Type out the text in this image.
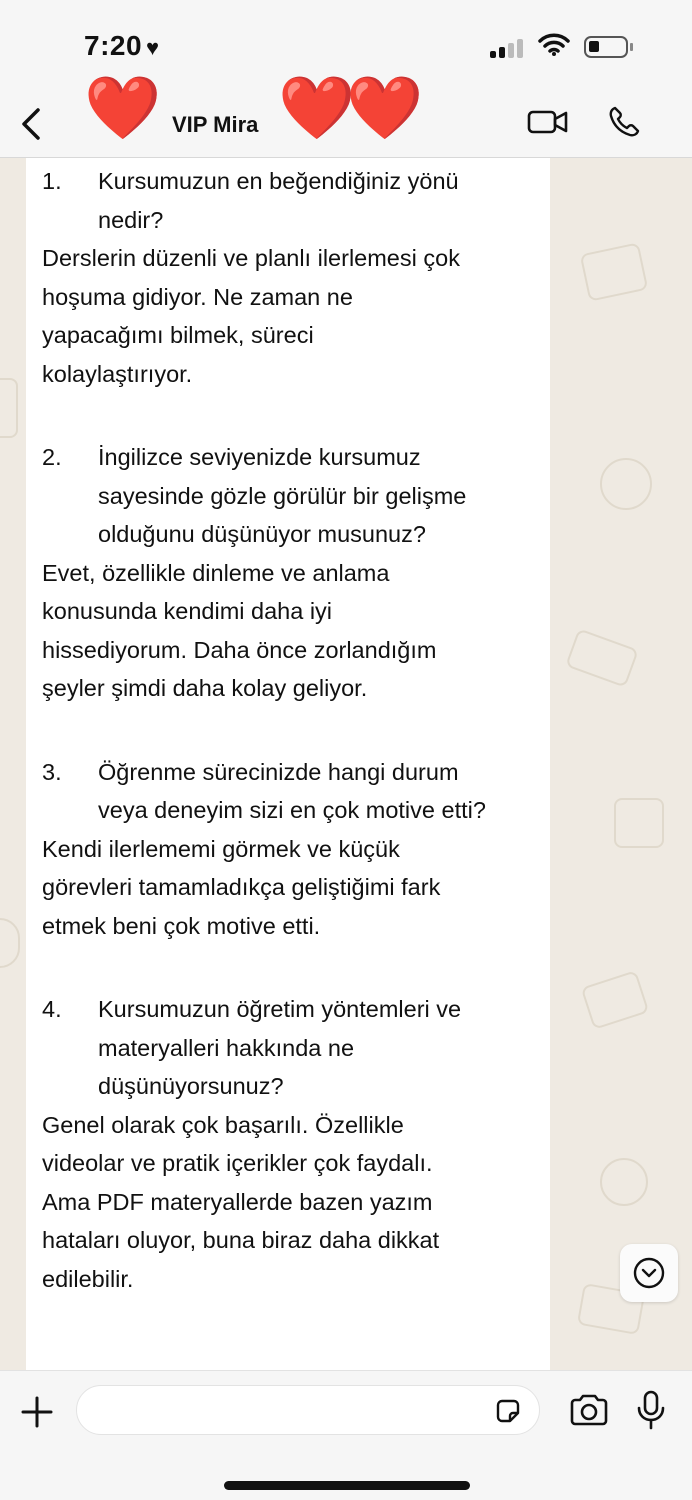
7:20 ♥
VIP Mira
❤️ ❤️
❤️
1. Kursumuzun en beğendiğiniz yönü
nedir?
Derslerin düzenli ve planlı ilerlemesi çok
hoşuma gidiyor. Ne zaman ne
yapacağımı bilmek, süreci
kolaylaştırıyor.
2. İngilizce seviyenizde kursumuz
sayesinde gözle görülür bir gelişme
olduğunu düşünüyor musunuz?
Evet, özellikle dinleme ve anlama
konusunda kendimi daha iyi
hissediyorum. Daha önce zorlandığım
şeyler şimdi daha kolay geliyor.
3. Öğrenme sürecinizde hangi durum
veya deneyim sizi en çok motive etti?
Kendi ilerlememi görmek ve küçük
görevleri tamamladıkça geliştiğimi fark
etmek beni çok motive etti.
4. Kursumuzun öğretim yöntemleri ve
materyalleri hakkında ne
düşünüyorsunuz?
Genel olarak çok başarılı. Özellikle
videolar ve pratik içerikler çok faydalı.
Ama PDF materyallerde bazen yazım
hataları oluyor, buna biraz daha dikkat
edilebilir.
